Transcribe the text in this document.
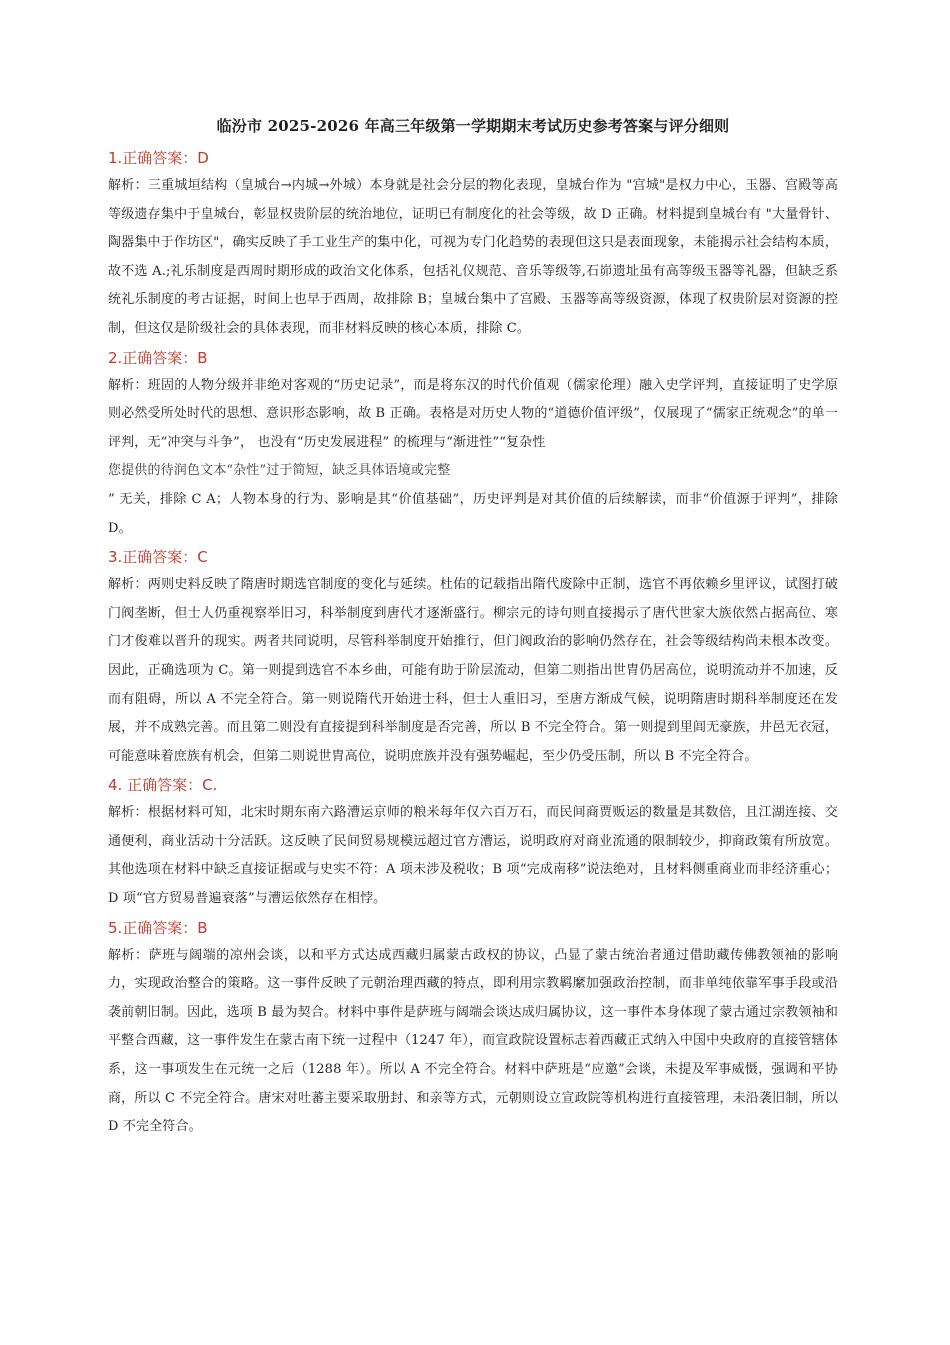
临汾市 2025-2026 年高三年级第一学期期末考试历史参考答案与评分细则

1.正确答案：D

解析：三重城垣结构（皇城台→内城→外城）本身就是社会分层的物化表现，皇城台作为 "宫城"是权力中心，玉器、宫殿等高等级遗存集中于皇城台，彰显权贵阶层的统治地位，证明已有制度化的社会等级，故 D 正确。材料提到皇城台有 "大量骨针、陶器集中于作坊区"，确实反映了手工业生产的集中化，可视为专门化趋势的表现但这只是表面现象，未能揭示社会结构本质，故不选 A.;礼乐制度是西周时期形成的政治文化体系，包括礼仪规范、音乐等级等,石峁遗址虽有高等级玉器等礼器，但缺乏系统礼乐制度的考古证据，时间上也早于西周，故排除 B；皇城台集中了宫殿、玉器等高等级资源，体现了权贵阶层对资源的控制，但这仅是阶级社会的具体表现，而非材料反映的核心本质，排除 C。

2.正确答案：B

解析：班固的人物分级并非绝对客观的“历史记录”，而是将东汉的时代价值观（儒家伦理）融入史学评判，直接证明了史学原则必然受所处时代的思想、意识形态影响，故 B 正确。表格是对历史人物的“道德价值评级”，仅展现了“儒家正统观念”的单一评判，无“冲突与斗争”， 也没有“历史发展进程” 的梳理与“渐进性”“复杂性

您提供的待润色文本“杂性”过于简短，缺乏具体语境或完整

” 无关，排除 C A；人物本身的行为、影响是其“价值基础”，历史评判是对其价值的后续解读，而非“价值源于评判”，排除 D。

3.正确答案：C

解析：两则史料反映了隋唐时期选官制度的变化与延续。杜佑的记载指出隋代废除中正制，选官不再依赖乡里评议，试图打破门阀垄断，但士人仍重视察举旧习，科举制度到唐代才逐渐盛行。柳宗元的诗句则直接揭示了唐代世家大族依然占据高位、寒门才俊难以晋升的现实。两者共同说明，尽管科举制度开始推行，但门阀政治的影响仍然存在，社会等级结构尚未根本改变。因此，正确选项为 C。第一则提到选官不本乡曲，可能有助于阶层流动，但第二则指出世胄仍居高位，说明流动并不加速，反而有阻碍，所以 A 不完全符合。第一则说隋代开始进士科，但士人重旧习，至唐方渐成气候，说明隋唐时期科举制度还在发展，并不成熟完善。而且第二则没有直接提到科举制度是否完善，所以 B 不完全符合。第一则提到里闾无豪族，井邑无衣冠，可能意味着庶族有机会，但第二则说世胄高位，说明庶族并没有强势崛起，至少仍受压制，所以 B 不完全符合。

4. 正确答案：C.

解析：根据材料可知，北宋时期东南六路漕运京师的粮米每年仅六百万石，而民间商贾贩运的数量是其数倍，且江湖连接、交通便利，商业活动十分活跃。这反映了民间贸易规模远超过官方漕运，说明政府对商业流通的限制较少，抑商政策有所放宽。其他选项在材料中缺乏直接证据或与史实不符：A 项未涉及税收；B 项“完成南移”说法绝对，且材料侧重商业而非经济重心；D 项“官方贸易普遍衰落”与漕运依然存在相悖。

5.正确答案：B

解析：萨班与阔端的凉州会谈，以和平方式达成西藏归属蒙古政权的协议，凸显了蒙古统治者通过借助藏传佛教领袖的影响力，实现政治整合的策略。这一事件反映了元朝治理西藏的特点，即利用宗教羁縻加强政治控制，而非单纯依靠军事手段或沿袭前朝旧制。因此，选项 B 最为契合。材料中事件是萨班与阔端会谈达成归属协议，这一事件本身体现了蒙古通过宗教领袖和平整合西藏，这一事件发生在蒙古南下统一过程中（1247 年），而宣政院设置标志着西藏正式纳入中国中央政府的直接管辖体系，这一事项发生在元统一之后（1288 年）。所以 A 不完全符合。材料中萨班是“应邀”会谈，未提及军事威慑，强调和平协商，所以 C 不完全符合。唐宋对吐蕃主要采取册封、和亲等方式，元朝则设立宣政院等机构进行直接管理，未沿袭旧制，所以 D 不完全符合。
